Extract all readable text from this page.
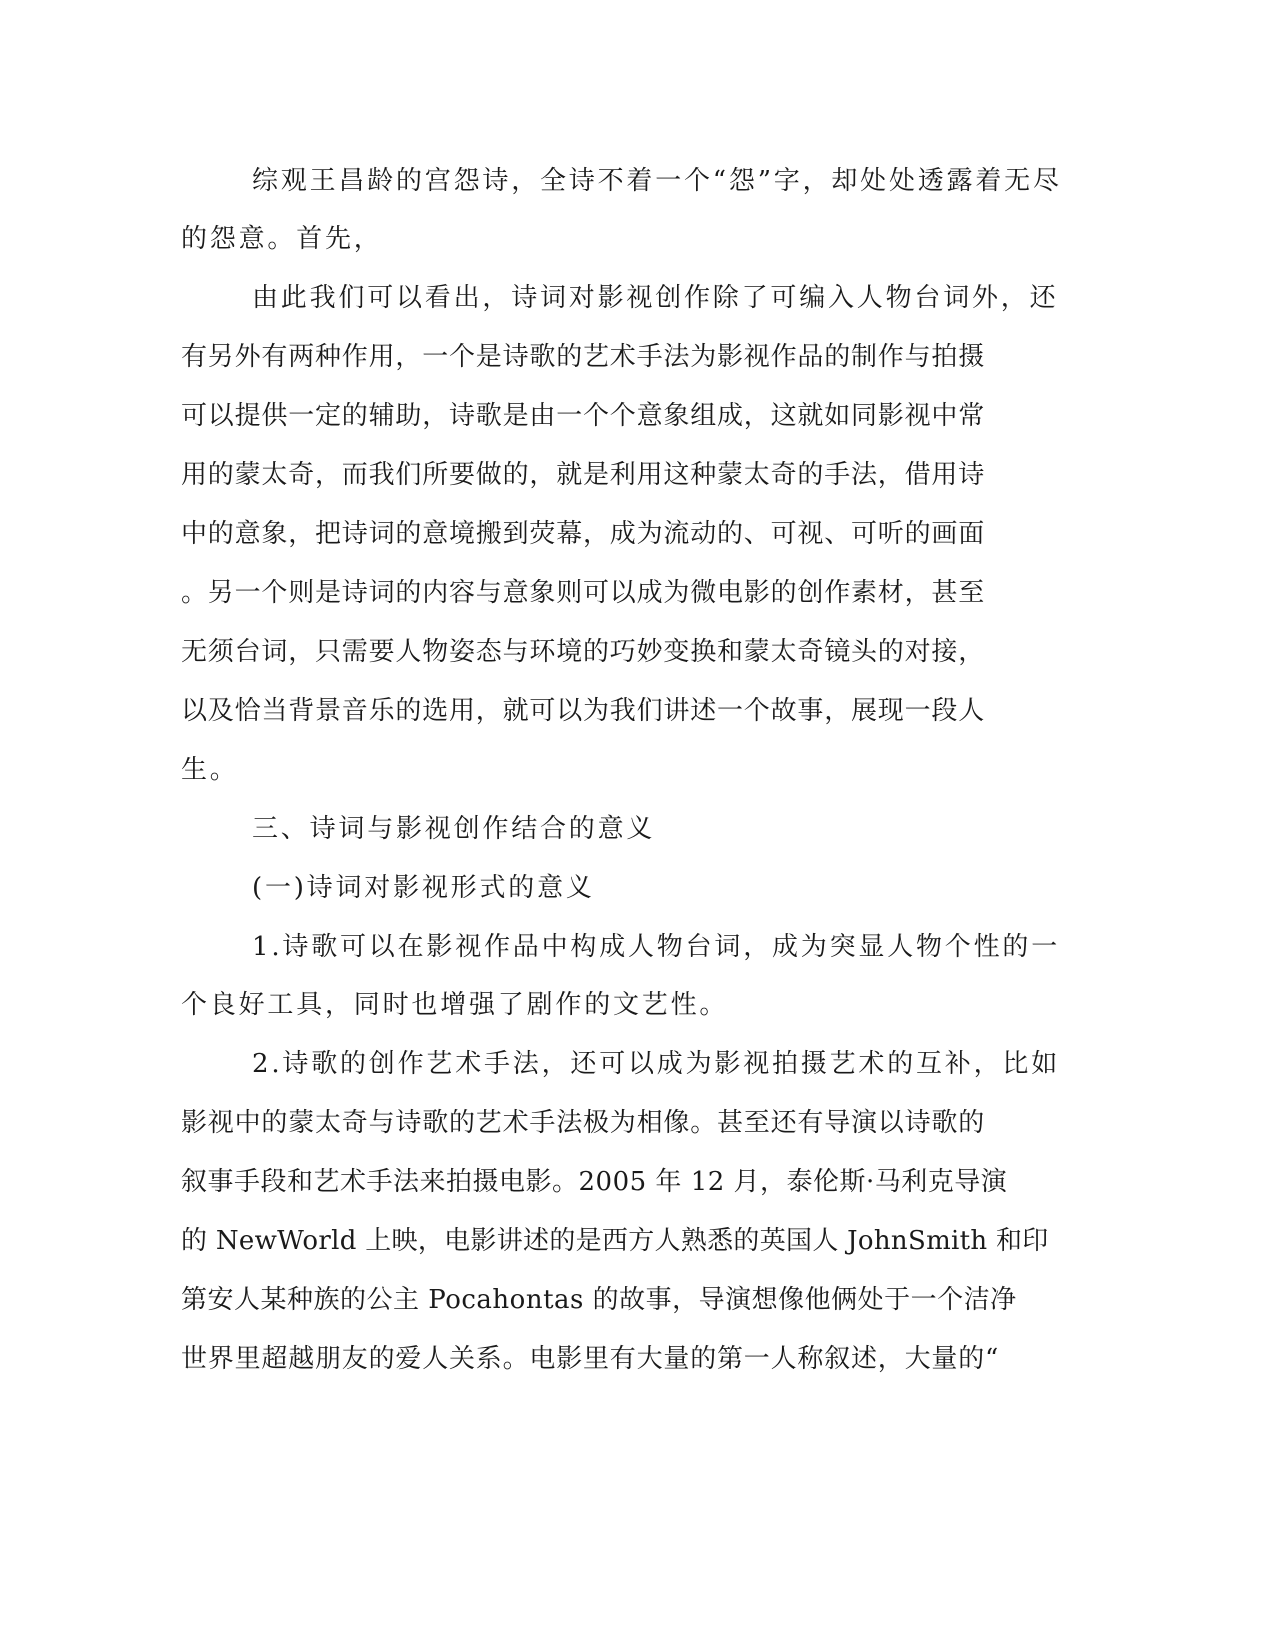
综观王昌龄的宫怨诗，全诗不着一个“怨”字，却处处透露着无尽

的怨意。首先，

由此我们可以看出，诗词对影视创作除了可编入人物台词外，还

有另外有两种作用，一个是诗歌的艺术手法为影视作品的制作与拍摄

可以提供一定的辅助，诗歌是由一个个意象组成，这就如同影视中常

用的蒙太奇，而我们所要做的，就是利用这种蒙太奇的手法，借用诗

中的意象，把诗词的意境搬到荧幕，成为流动的、可视、可听的画面

。另一个则是诗词的内容与意象则可以成为微电影的创作素材，甚至

无须台词，只需要人物姿态与环境的巧妙变换和蒙太奇镜头的对接，

以及恰当背景音乐的选用，就可以为我们讲述一个故事，展现一段人

生。

三、诗词与影视创作结合的意义

(一)诗词对影视形式的意义

1.诗歌可以在影视作品中构成人物台词，成为突显人物个性的一

个良好工具，同时也增强了剧作的文艺性。

2.诗歌的创作艺术手法，还可以成为影视拍摄艺术的互补，比如

影视中的蒙太奇与诗歌的艺术手法极为相像。甚至还有导演以诗歌的

叙事手段和艺术手法来拍摄电影。2005 年 12 月，泰伦斯·马利克导演

的 NewWorld 上映，电影讲述的是西方人熟悉的英国人 JohnSmith 和印

第安人某种族的公主 Pocahontas 的故事，导演想像他俩处于一个洁净

世界里超越朋友的爱人关系。电影里有大量的第一人称叙述，大量的“
